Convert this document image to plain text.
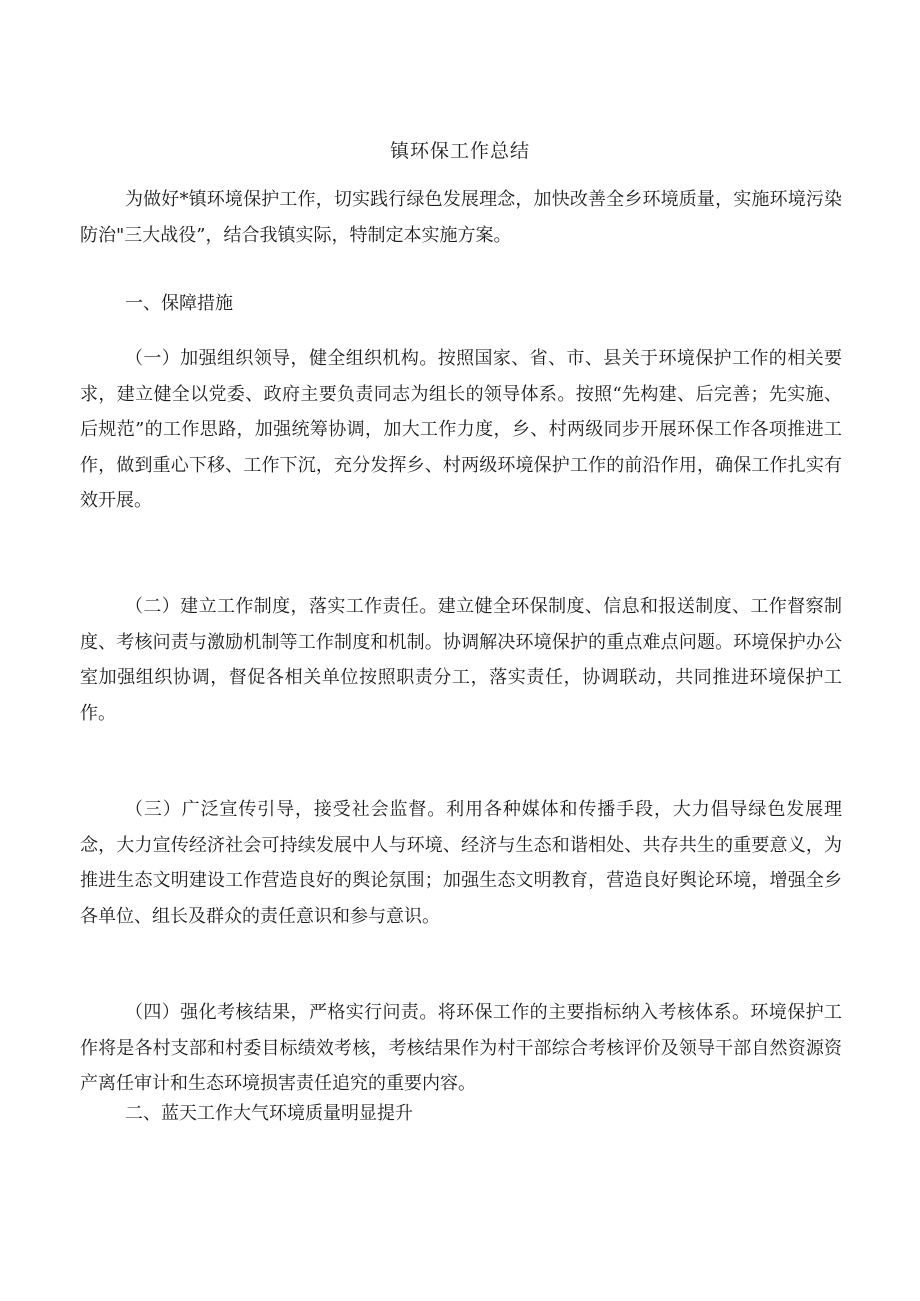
镇环保工作总结

为做好*镇环境保护工作，切实践行绿色发展理念，加快改善全乡环境质量，实施环境污染防治"三大战役”，结合我镇实际，特制定本实施方案。

一、保障措施

（一）加强组织领导，健全组织机构。按照国家、省、市、县关于环境保护工作的相关要求，建立健全以党委、政府主要负责同志为组长的领导体系。按照“先构建、后完善；先实施、后规范”的工作思路，加强统筹协调，加大工作力度，乡、村两级同步开展环保工作各项推进工作，做到重心下移、工作下沉，充分发挥乡、村两级环境保护工作的前沿作用，确保工作扎实有效开展。

（二）建立工作制度，落实工作责任。建立健全环保制度、信息和报送制度、工作督察制度、考核问责与激励机制等工作制度和机制。协调解决环境保护的重点难点问题。环境保护办公室加强组织协调，督促各相关单位按照职责分工，落实责任，协调联动，共同推进环境保护工作。

（三）广泛宣传引导，接受社会监督。利用各种媒体和传播手段，大力倡导绿色发展理念，大力宣传经济社会可持续发展中人与环境、经济与生态和谐相处、共存共生的重要意义，为推进生态文明建设工作营造良好的舆论氛围；加强生态文明教育，营造良好舆论环境，增强全乡各单位、组长及群众的责任意识和参与意识。

（四）强化考核结果，严格实行问责。将环保工作的主要指标纳入考核体系。环境保护工作将是各村支部和村委目标绩效考核，考核结果作为村干部综合考核评价及领导干部自然资源资产离任审计和生态环境损害责任追究的重要内容。

二、蓝天工作大气环境质量明显提升
